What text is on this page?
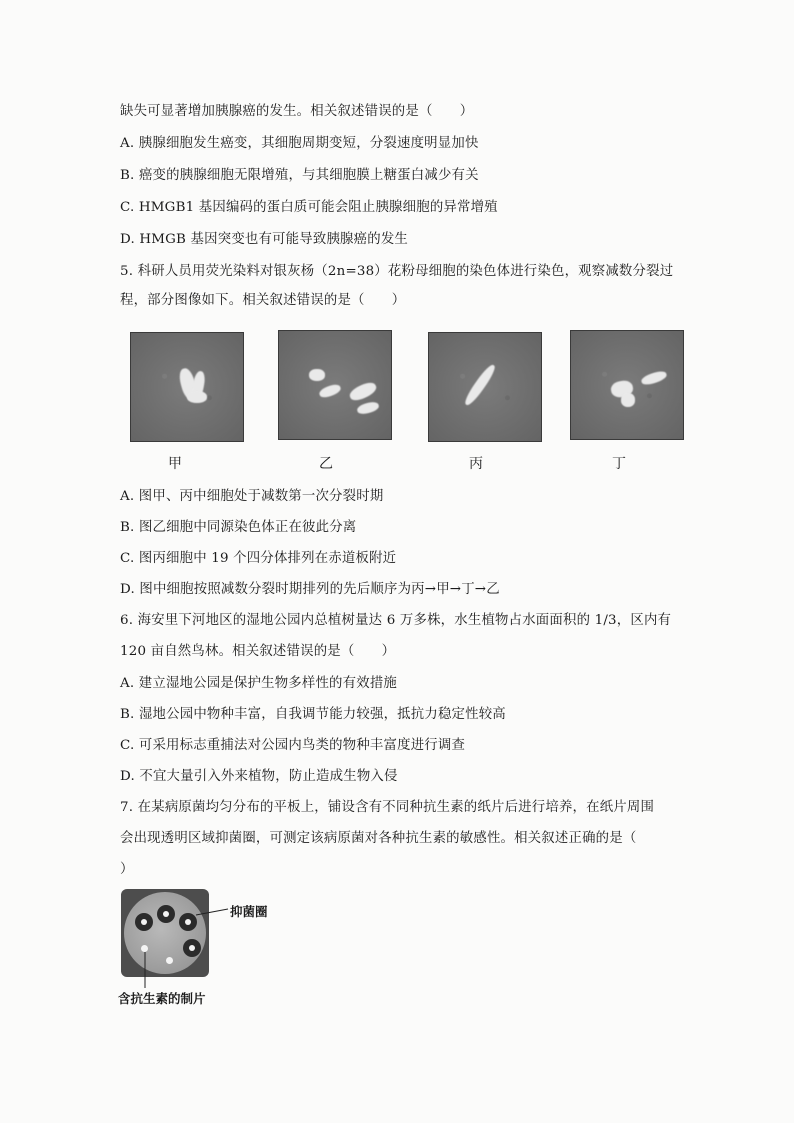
缺失可显著增加胰腺癌的发生。相关叙述错误的是（　　）
A. 胰腺细胞发生癌变，其细胞周期变短，分裂速度明显加快
B. 癌变的胰腺细胞无限增殖，与其细胞膜上糖蛋白减少有关
C. HMGB1 基因编码的蛋白质可能会阻止胰腺细胞的异常增殖
D. HMGB 基因突变也有可能导致胰腺癌的发生
5. 科研人员用荧光染料对银灰杨（2n=38）花粉母细胞的染色体进行染色，观察减数分裂过
程，部分图像如下。相关叙述错误的是（　　）
甲	乙	丙	丁
A. 图甲、丙中细胞处于减数第一次分裂时期
B. 图乙细胞中同源染色体正在彼此分离
C. 图丙细胞中 19 个四分体排列在赤道板附近
D. 图中细胞按照减数分裂时期排列的先后顺序为丙→甲→丁→乙
6. 海安里下河地区的湿地公园内总植树量达 6 万多株，水生植物占水面面积的 1/3，区内有
120 亩自然鸟林。相关叙述错误的是（　　）
A. 建立湿地公园是保护生物多样性的有效措施
B. 湿地公园中物种丰富，自我调节能力较强，抵抗力稳定性较高
C. 可采用标志重捕法对公园内鸟类的物种丰富度进行调查
D. 不宜大量引入外来植物，防止造成生物入侵
7. 在某病原菌均匀分布的平板上，铺设含有不同种抗生素的纸片后进行培养，在纸片周围
会出现透明区域抑菌圈，可测定该病原菌对各种抗生素的敏感性。相关叙述正确的是（
）
抑菌圈
含抗生素的制片
